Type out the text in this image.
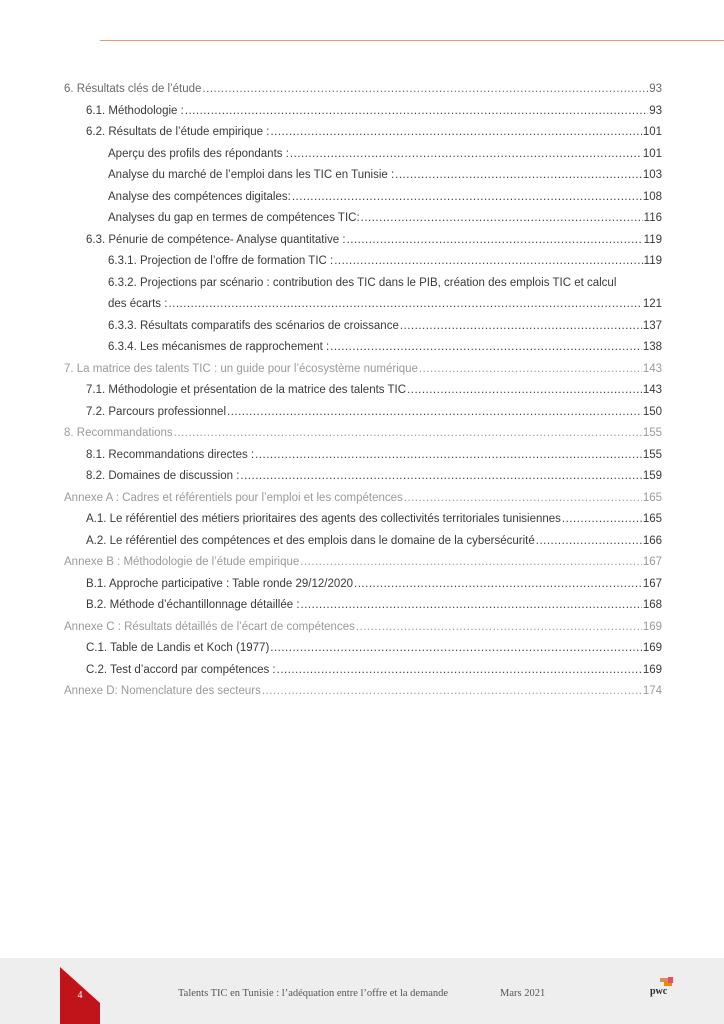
6. Résultats clés de l’étude .....	93
6.1. Méthodologie : .....	93
6.2. Résultats de l’étude empirique : .....	101
Aperçu des profils des répondants : .....	101
Analyse du marché de l’emploi dans les TIC en Tunisie : .....	103
Analyse des compétences digitales: .....	108
Analyses du gap en termes de compétences TIC: .....	116
6.3. Pénurie de compétence- Analyse quantitative : .....	119
6.3.1. Projection de l’offre de formation TIC : .....	119
6.3.2. Projections par scénario : contribution des TIC dans le PIB, création des emplois TIC et calcul
des écarts : .....	121
6.3.3. Résultats comparatifs des scénarios de croissance .....	137
6.3.4. Les mécanismes de rapprochement : .....	138
7. La matrice des talents TIC : un guide pour l’écosystème numérique .....	143
7.1. Méthodologie et présentation de la matrice des talents TIC .....	143
7.2. Parcours professionnel .....	150
8. Recommandations .....	155
8.1. Recommandations directes : .....	155
8.2. Domaines de discussion : .....	159
Annexe A : Cadres et référentiels pour l’emploi et les compétences .....	165
A.1. Le référentiel des métiers prioritaires des agents des collectivités territoriales tunisiennes .....	165
A.2. Le référentiel des compétences et des emplois dans le domaine de la cybersécurité .....	166
Annexe B : Méthodologie de l’étude empirique .....	167
B.1. Approche participative : Table ronde 29/12/2020 .....	167
B.2. Méthode d’échantillonnage détaillée : .....	168
Annexe C : Résultats détaillés de l’écart de compétences .....	169
C.1. Table de Landis et Koch (1977) .....	169
C.2. Test d’accord par compétences : .....	169
Annexe D: Nomenclature des secteurs .....	174
4	Talents TIC en Tunisie : l’adéquation entre l’offre et la demande	Mars 2021	pwc
